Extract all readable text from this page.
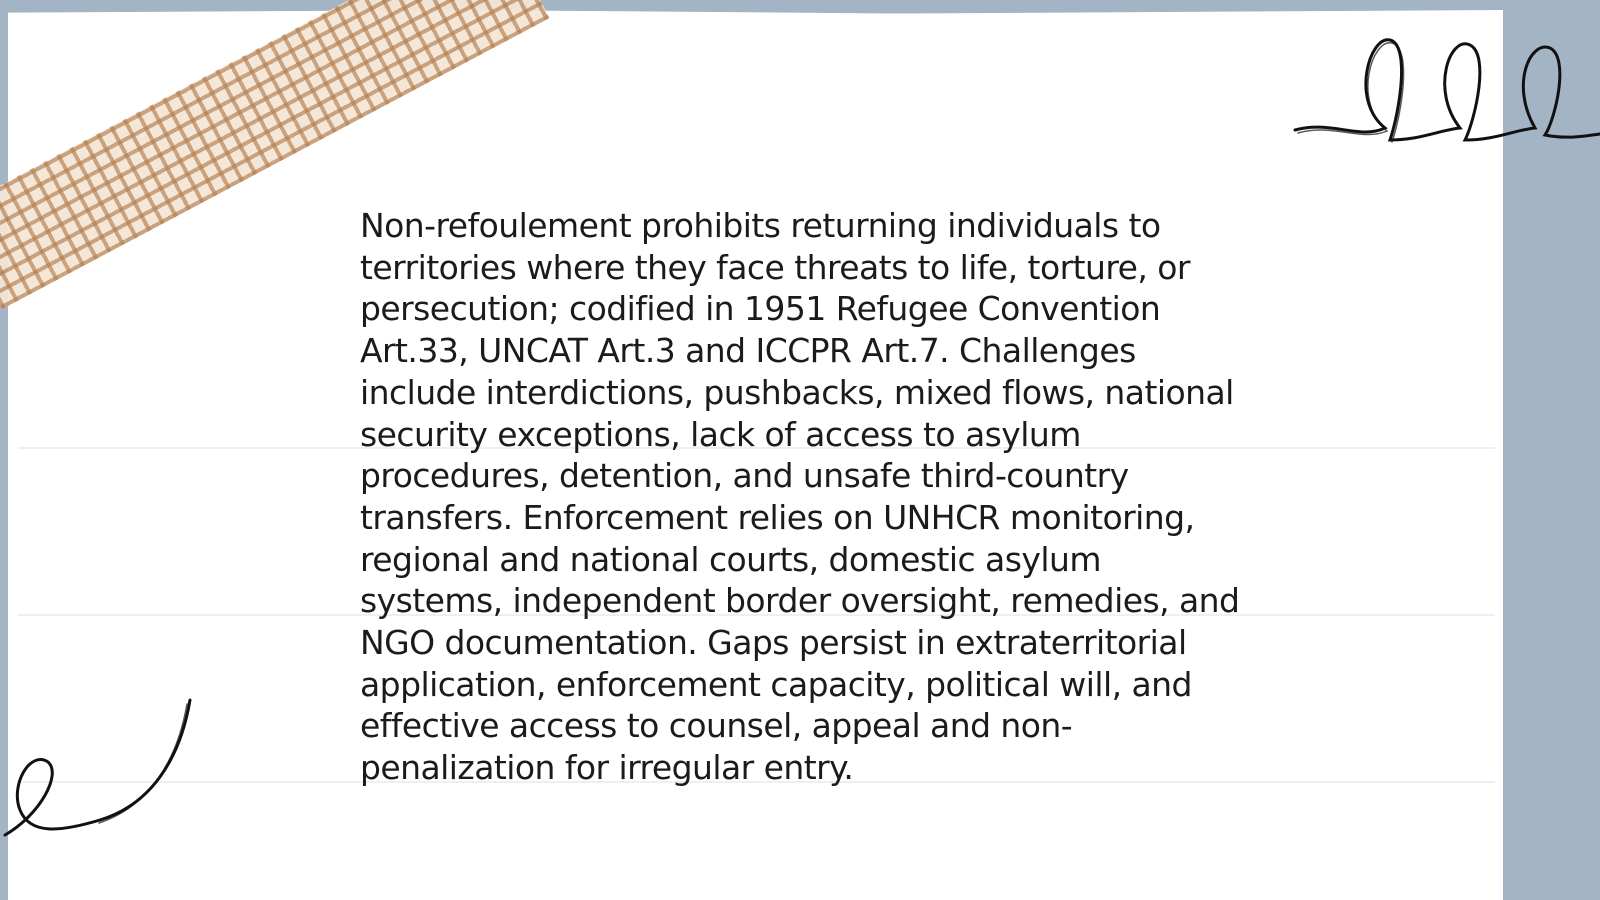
Non-refoulement prohibits returning individuals to territories where they face threats to life, torture, or persecution; codified in 1951 Refugee Convention Art.33, UNCAT Art.3 and ICCPR Art.7. Challenges include interdictions, pushbacks, mixed flows, national security exceptions, lack of access to asylum procedures, detention, and unsafe third-country transfers. Enforcement relies on UNHCR monitoring, regional and national courts, domestic asylum systems, independent border oversight, remedies, and NGO documentation. Gaps persist in extraterritorial application, enforcement capacity, political will, and effective access to counsel, appeal and non-penalization for irregular entry.
